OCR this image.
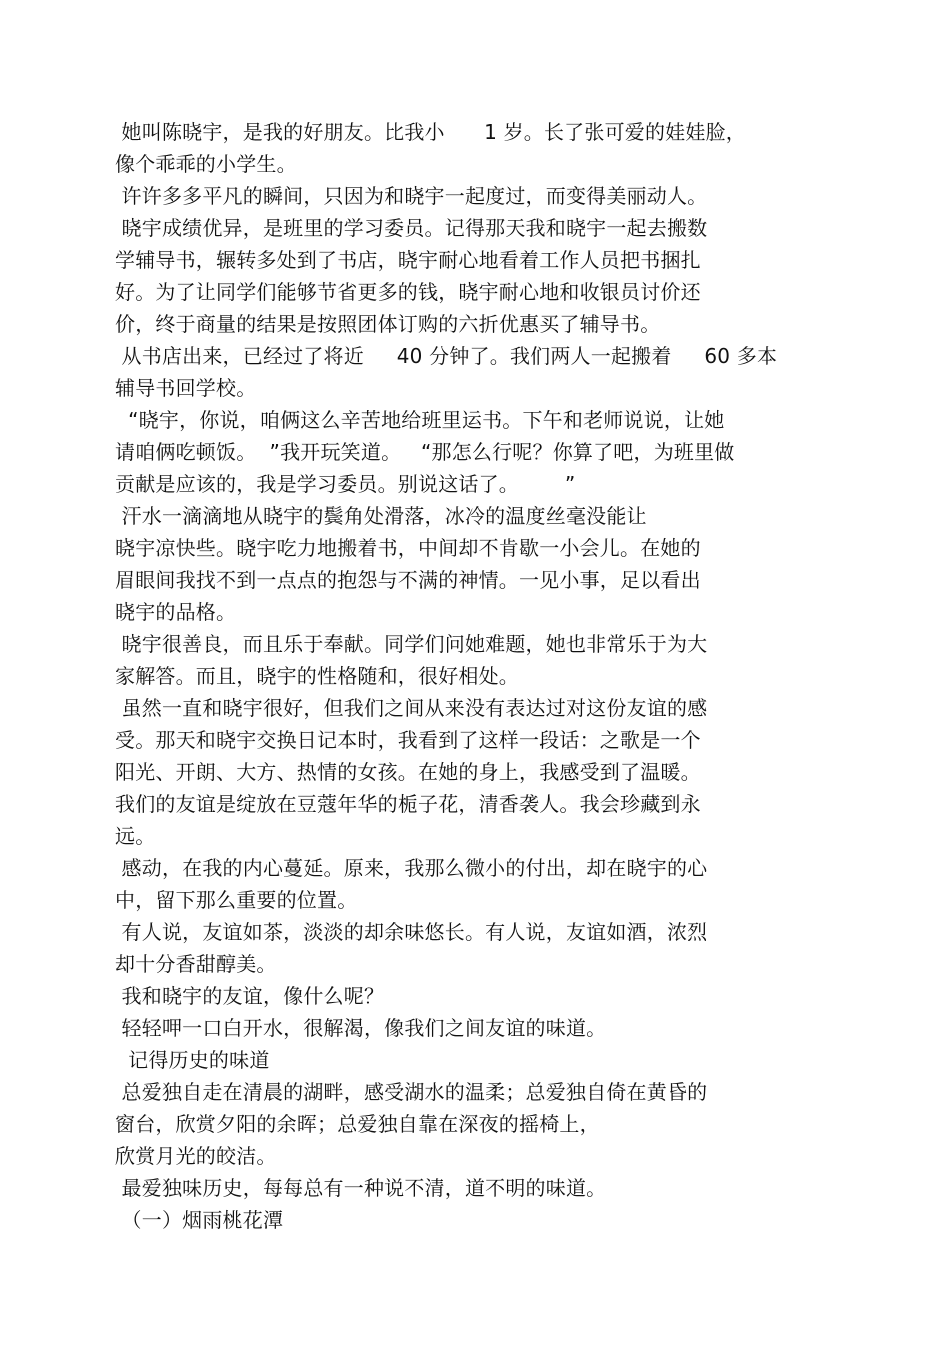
她叫陈晓宇，是我的好朋友。比我小      1 岁。长了张可爱的娃娃脸，
像个乖乖的小学生。
许许多多平凡的瞬间，只因为和晓宇一起度过，而变得美丽动人。
晓宇成绩优异，是班里的学习委员。记得那天我和晓宇一起去搬数
学辅导书，辗转多处到了书店，晓宇耐心地看着工作人员把书捆扎
好。为了让同学们能够节省更多的钱，晓宇耐心地和收银员讨价还
价，终于商量的结果是按照团体订购的六折优惠买了辅导书。
从书店出来，已经过了将近     40 分钟了。我们两人一起搬着     60 多本
辅导书回学校。
“晓宇，你说，咱俩这么辛苦地给班里运书。下午和老师说说，让她
请咱俩吃顿饭。  ”我开玩笑道。   “那怎么行呢？你算了吧，为班里做
贡献是应该的，我是学习委员。别说这话了。       ”
汗水一滴滴地从晓宇的鬓角处滑落，冰冷的温度丝毫没能让
晓宇凉快些。晓宇吃力地搬着书，中间却不肯歇一小会儿。在她的
眉眼间我找不到一点点的抱怨与不满的神情。一见小事，足以看出
晓宇的品格。
晓宇很善良，而且乐于奉献。同学们问她难题，她也非常乐于为大
家解答。而且，晓宇的性格随和，很好相处。
虽然一直和晓宇很好，但我们之间从来没有表达过对这份友谊的感
受。那天和晓宇交换日记本时，我看到了这样一段话：之歌是一个
阳光、开朗、大方、热情的女孩。在她的身上，我感受到了温暖。
我们的友谊是绽放在豆蔻年华的栀子花，清香袭人。我会珍藏到永
远。
感动，在我的内心蔓延。原来，我那么微小的付出，却在晓宇的心
中，留下那么重要的位置。
有人说，友谊如茶，淡淡的却余味悠长。有人说，友谊如酒，浓烈
却十分香甜醇美。
我和晓宇的友谊，像什么呢？
轻轻呷一口白开水，很解渴，像我们之间友谊的味道。
记得历史的味道
总爱独自走在清晨的湖畔，感受湖水的温柔；总爱独自倚在黄昏的
窗台，欣赏夕阳的余晖；总爱独自靠在深夜的摇椅上，
欣赏月光的皎洁。
最爱独味历史，每每总有一种说不清，道不明的味道。
（一）烟雨桃花潭
